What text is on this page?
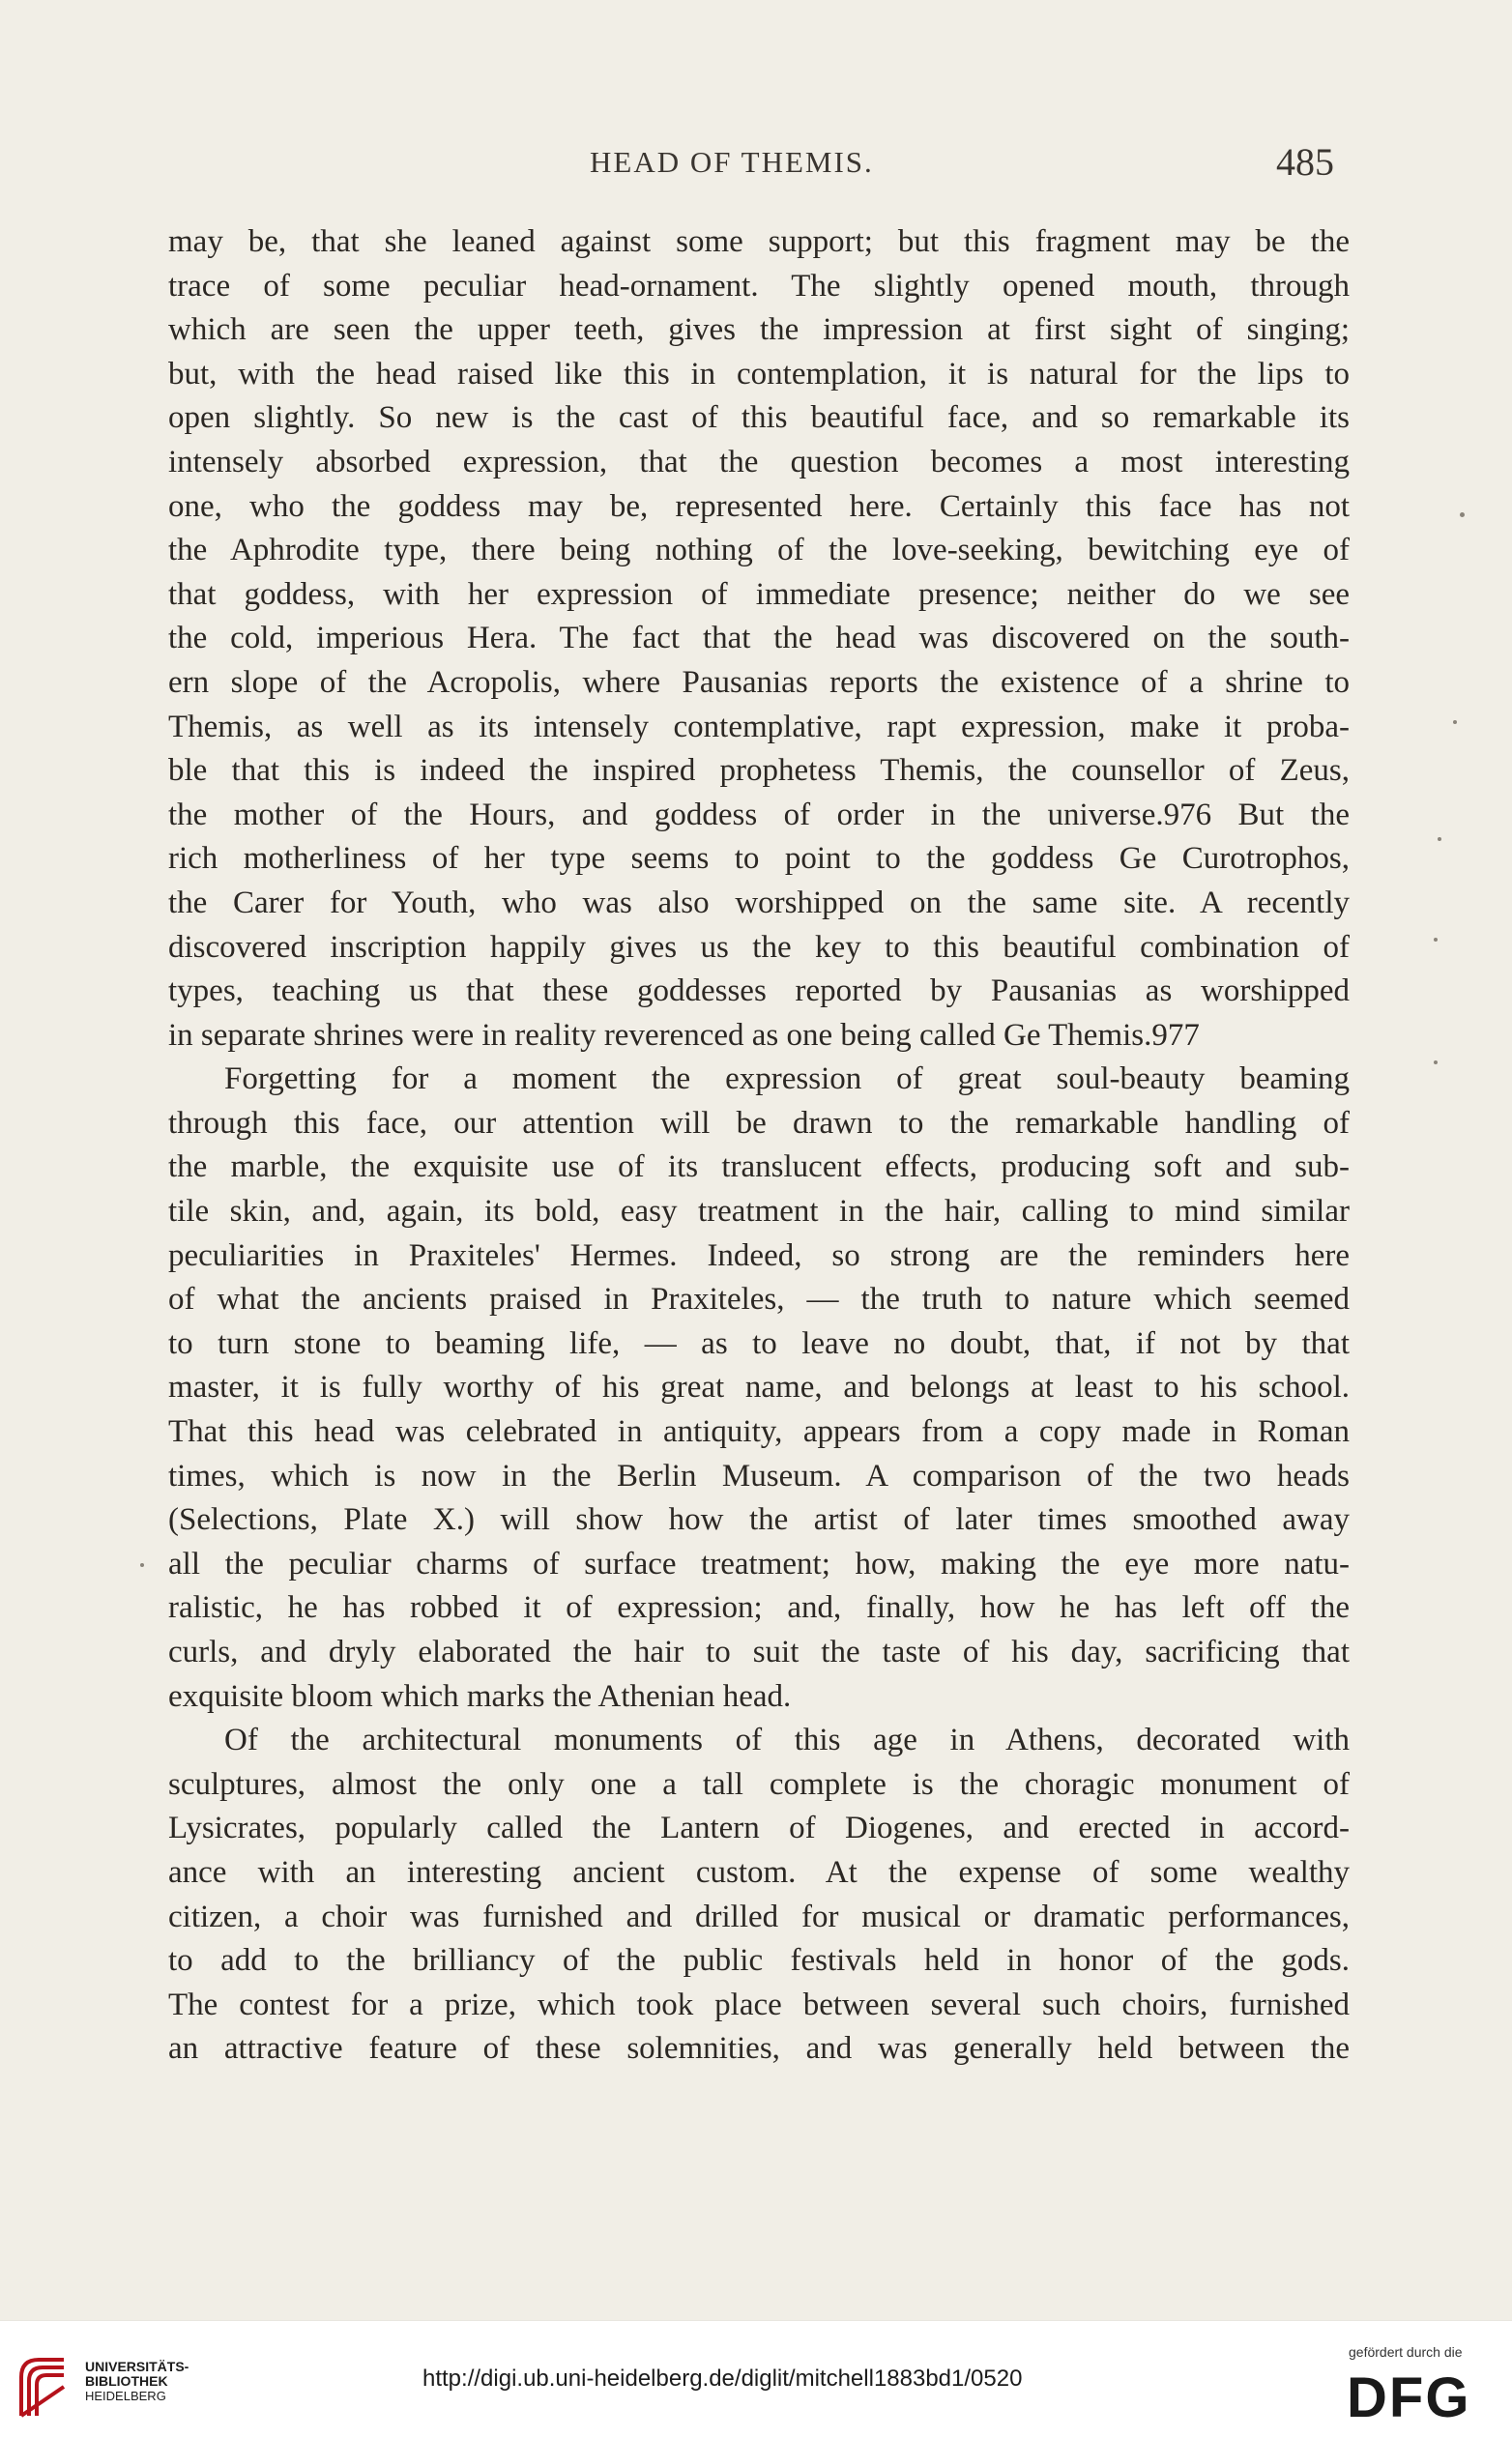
HEAD OF THEMIS.	485
may be, that she leaned against some support; but this fragment may be the
trace of some peculiar head-ornament. The slightly opened mouth, through
which are seen the upper teeth, gives the impression at first sight of singing;
but, with the head raised like this in contemplation, it is natural for the lips to
open slightly. So new is the cast of this beautiful face, and so remarkable its
intensely absorbed expression, that the question becomes a most interesting
one, who the goddess may be, represented here. Certainly this face has not
the Aphrodite type, there being nothing of the love-seeking, bewitching eye of
that goddess, with her expression of immediate presence; neither do we see
the cold, imperious Hera. The fact that the head was discovered on the south-
ern slope of the Acropolis, where Pausanias reports the existence of a shrine to
Themis, as well as its intensely contemplative, rapt expression, make it proba-
ble that this is indeed the inspired prophetess Themis, the counsellor of Zeus,
the mother of the Hours, and goddess of order in the universe.976 But the
rich motherliness of her type seems to point to the goddess Ge Curotrophos,
the Carer for Youth, who was also worshipped on the same site. A recently
discovered inscription happily gives us the key to this beautiful combination of
types, teaching us that these goddesses reported by Pausanias as worshipped
in separate shrines were in reality reverenced as one being called Ge Themis.977
Forgetting for a moment the expression of great soul-beauty beaming
through this face, our attention will be drawn to the remarkable handling of
the marble, the exquisite use of its translucent effects, producing soft and sub-
tile skin, and, again, its bold, easy treatment in the hair, calling to mind similar
peculiarities in Praxiteles' Hermes. Indeed, so strong are the reminders here
of what the ancients praised in Praxiteles, — the truth to nature which seemed
to turn stone to beaming life, — as to leave no doubt, that, if not by that
master, it is fully worthy of his great name, and belongs at least to his school.
That this head was celebrated in antiquity, appears from a copy made in Roman
times, which is now in the Berlin Museum. A comparison of the two heads
(Selections, Plate X.) will show how the artist of later times smoothed away
all the peculiar charms of surface treatment; how, making the eye more natu-
ralistic, he has robbed it of expression; and, finally, how he has left off the
curls, and dryly elaborated the hair to suit the taste of his day, sacrificing that
exquisite bloom which marks the Athenian head.
Of the architectural monuments of this age in Athens, decorated with
sculptures, almost the only one a tall complete is the choragic monument of
Lysicrates, popularly called the Lantern of Diogenes, and erected in accord-
ance with an interesting ancient custom. At the expense of some wealthy
citizen, a choir was furnished and drilled for musical or dramatic performances,
to add to the brilliancy of the public festivals held in honor of the gods.
The contest for a prize, which took place between several such choirs, furnished
an attractive feature of these solemnities, and was generally held between the
UNIVERSITÄTS-
BIBLIOTHEK
HEIDELBERG
http://digi.ub.uni-heidelberg.de/diglit/mitchell1883bd1/0520
gefördert durch die
DFG
